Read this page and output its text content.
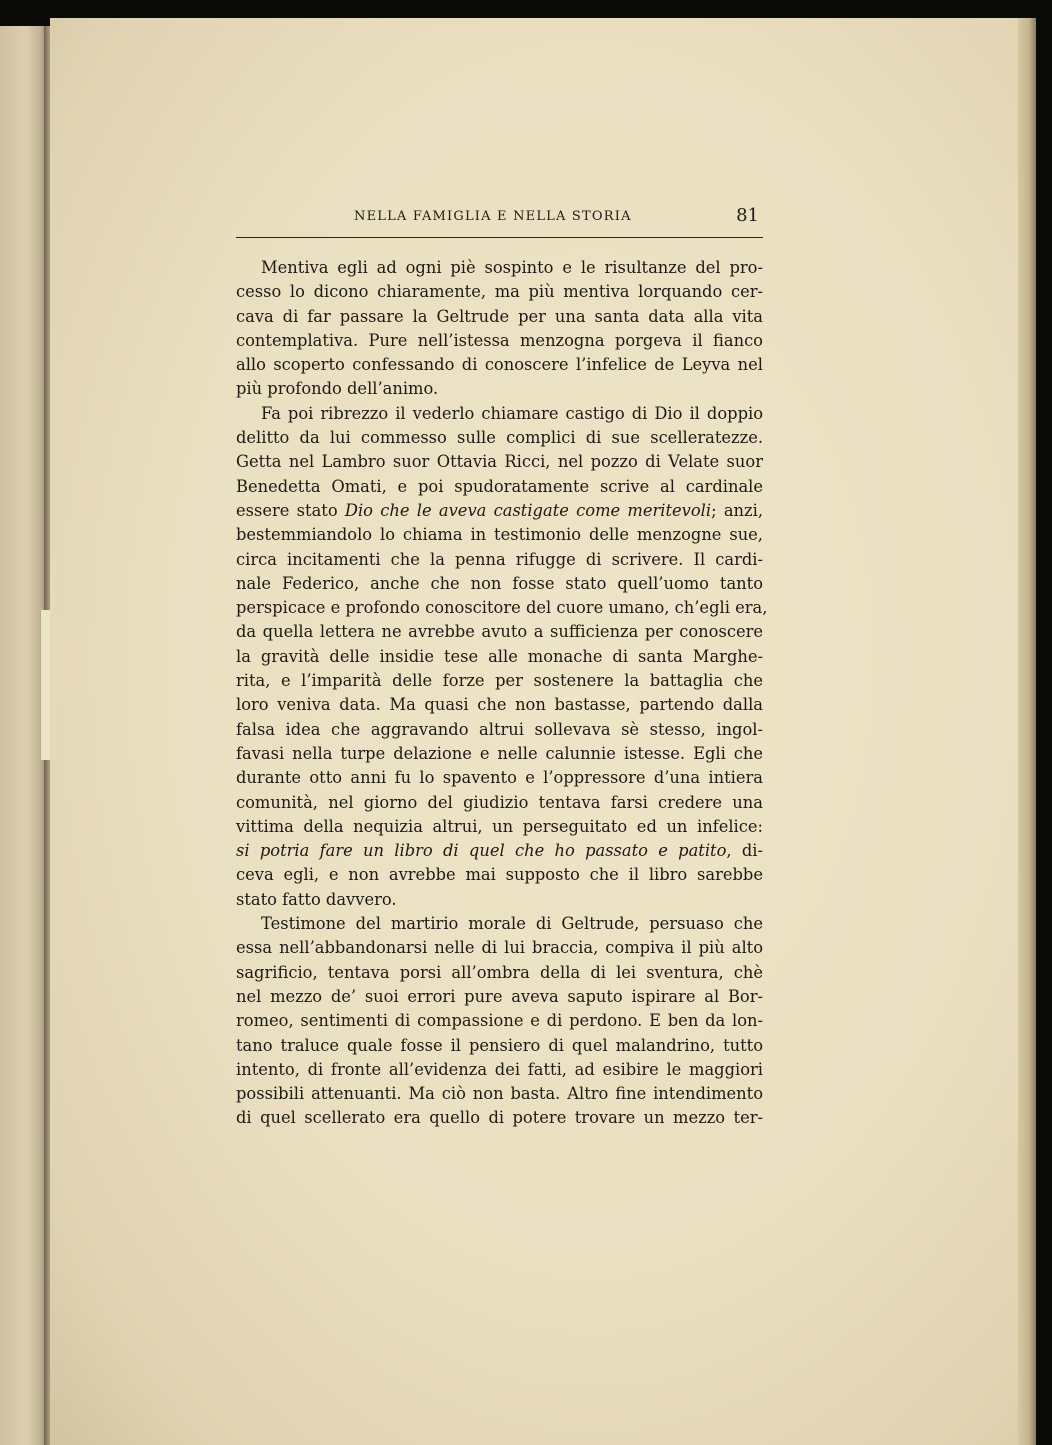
NELLA FAMIGLIA E NELLA STORIA	81
Mentiva egli ad ogni piè sospinto e le risultanze del pro-
cesso lo dicono chiaramente, ma più mentiva lorquando cer-
cava di far passare la Geltrude per una santa data alla vita
contemplativa. Pure nell’istessa menzogna porgeva il fianco
allo scoperto confessando di conoscere l’infelice de Leyva nel
più profondo dell’animo.
Fa poi ribrezzo il vederlo chiamare castigo di Dio il doppio
delitto da lui commesso sulle complici di sue scelleratezze.
Getta nel Lambro suor Ottavia Ricci, nel pozzo di Velate suor
Benedetta Omati, e poi spudoratamente scrive al cardinale
essere stato Dio che le aveva castigate come meritevoli; anzi,
bestemmiandolo lo chiama in testimonio delle menzogne sue,
circa incitamenti che la penna rifugge di scrivere. Il cardi-
nale Federico, anche che non fosse stato quell’uomo tanto
perspicace e profondo conoscitore del cuore umano, ch’egli era,
da quella lettera ne avrebbe avuto a sufficienza per conoscere
la gravità delle insidie tese alle monache di santa Marghe-
rita, e l’imparità delle forze per sostenere la battaglia che
loro veniva data. Ma quasi che non bastasse, partendo dalla
falsa idea che aggravando altrui sollevava sè stesso, ingol-
favasi nella turpe delazione e nelle calunnie istesse. Egli che
durante otto anni fu lo spavento e l’oppressore d’una intiera
comunità, nel giorno del giudizio tentava farsi credere una
vittima della nequizia altrui, un perseguitato ed un infelice:
si potria fare un libro di quel che ho passato e patito, di-
ceva egli, e non avrebbe mai supposto che il libro sarebbe
stato fatto davvero.
Testimone del martirio morale di Geltrude, persuaso che
essa nell’abbandonarsi nelle di lui braccia, compiva il più alto
sagrificio, tentava porsi all’ombra della di lei sventura, chè
nel mezzo de’ suoi errori pure aveva saputo ispirare al Bor-
romeo, sentimenti di compassione e di perdono. E ben da lon-
tano traluce quale fosse il pensiero di quel malandrino, tutto
intento, di fronte all’evidenza dei fatti, ad esibire le maggiori
possibili attenuanti. Ma ciò non basta. Altro fine intendimento
di quel scellerato era quello di potere trovare un mezzo ter-
